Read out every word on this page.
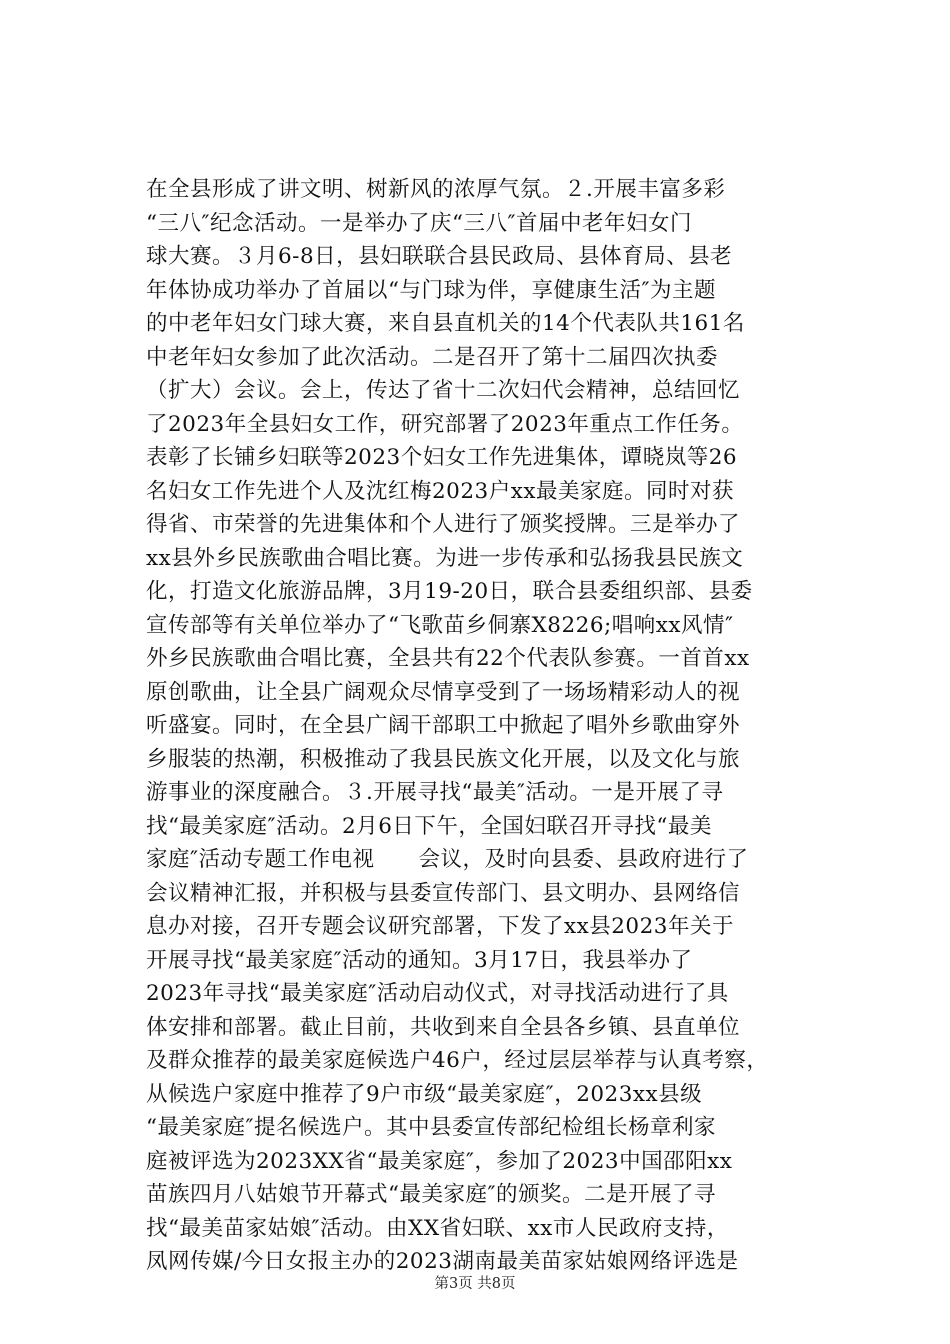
在全县形成了讲文明、树新风的浓厚气氛。２.开展丰富多彩
“三八″纪念活动。一是举办了庆“三八″首届中老年妇女门
球大赛。３月6-8日，县妇联联合县民政局、县体育局、县老
年体协成功举办了首届以“与门球为伴，享健康生活″为主题
的中老年妇女门球大赛，来自县直机关的14个代表队共161名
中老年妇女参加了此次活动。二是召开了第十二届四次执委
（扩大）会议。会上，传达了省十二次妇代会精神，总结回忆
了2023年全县妇女工作，研究部署了2023年重点工作任务。
表彰了长铺乡妇联等2023个妇女工作先进集体，谭晓岚等26
名妇女工作先进个人及沈红梅2023户xx最美家庭。同时对获
得省、市荣誉的先进集体和个人进行了颁奖授牌。三是举办了
xx县外乡民族歌曲合唱比赛。为进一步传承和弘扬我县民族文
化，打造文化旅游品牌，3月19-20日，联合县委组织部、县委
宣传部等有关单位举办了“飞歌苗乡侗寨X8226;唱响xx风情″
外乡民族歌曲合唱比赛，全县共有22个代表队参赛。一首首xx
原创歌曲，让全县广阔观众尽情享受到了一场场精彩动人的视
听盛宴。同时，在全县广阔干部职工中掀起了唱外乡歌曲穿外
乡服装的热潮，积极推动了我县民族文化开展，以及文化与旅
游事业的深度融合。３.开展寻找“最美″活动。一是开展了寻
找“最美家庭″活动。2月6日下午，全国妇联召开寻找“最美
家庭″活动专题工作电视　　会议，及时向县委、县政府进行了
会议精神汇报，并积极与县委宣传部门、县文明办、县网络信
息办对接，召开专题会议研究部署，下发了xx县2023年关于
开展寻找“最美家庭″活动的通知。3月17日，我县举办了
2023年寻找“最美家庭″活动启动仪式，对寻找活动进行了具
体安排和部署。截止目前，共收到来自全县各乡镇、县直单位
及群众推荐的最美家庭候选户46户，经过层层举荐与认真考察，
从候选户家庭中推荐了9户市级“最美家庭″，2023xx县级
“最美家庭″提名候选户。其中县委宣传部纪检组长杨章利家
庭被评选为2023XX省“最美家庭″，参加了2023中国邵阳xx
苗族四月八姑娘节开幕式“最美家庭″的颁奖。二是开展了寻
找“最美苗家姑娘″活动。由XX省妇联、xx市人民政府支持，
凤网传媒/今日女报主办的2023湖南最美苗家姑娘网络评选是
第3页 共8页
